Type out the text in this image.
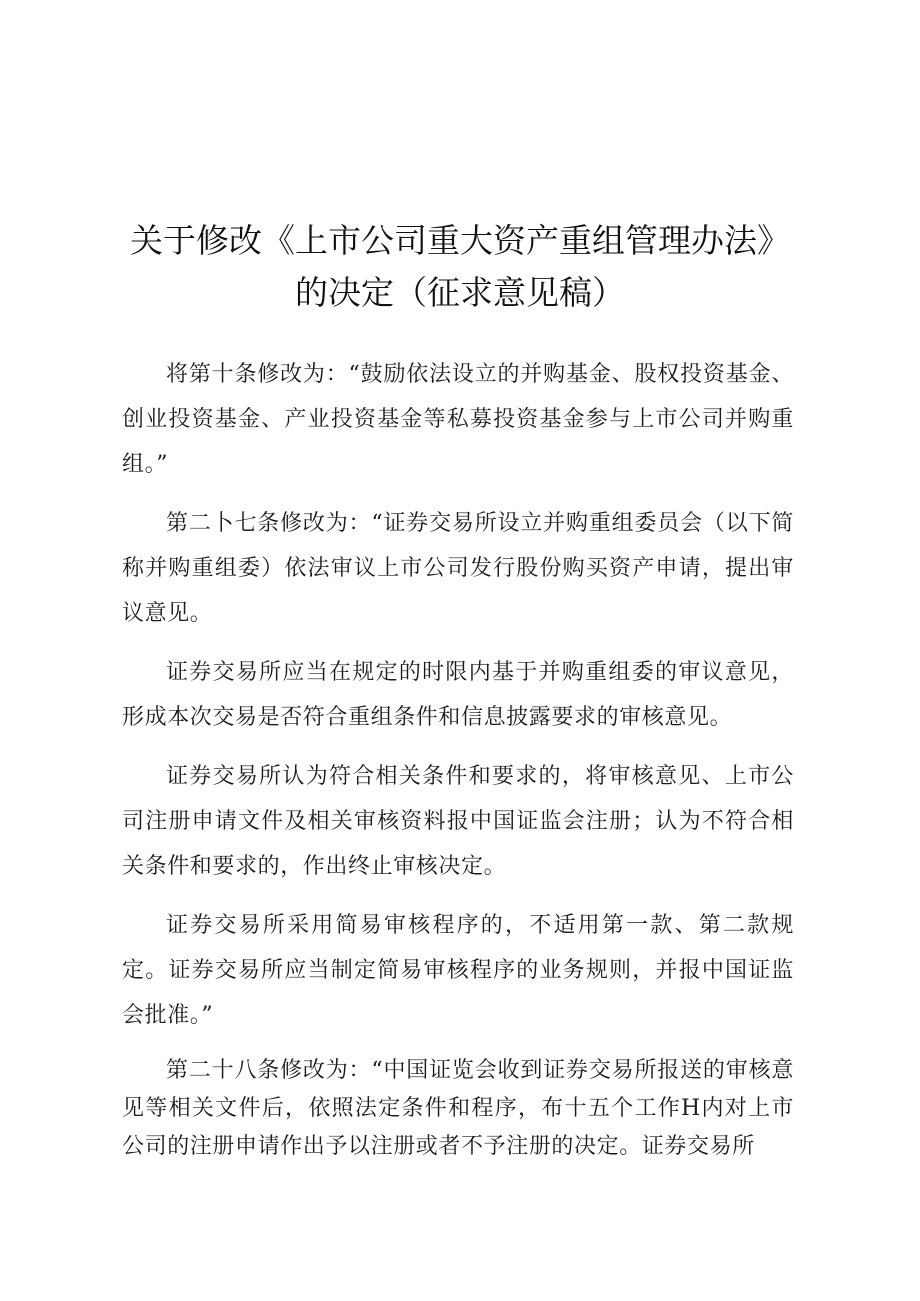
关于修改《上市公司重大资产重组管理办法》
的决定（征求意见稿）

将第十条修改为：“鼓励依法设立的并购基金、股权投资基金、创业投资基金、产业投资基金等私募投资基金参与上市公司并购重组。”

第二卜七条修改为：“证券交易所设立并购重组委员会（以下简称并购重组委）依法审议上市公司发行股份购买资产申请，提出审议意见。

证券交易所应当在规定的时限内基于并购重组委的审议意见，形成本次交易是否符合重组条件和信息披露要求的审核意见。

证券交易所认为符合相关条件和要求的，将审核意见、上市公司注册申请文件及相关审核资料报中国证监会注册；认为不符合相关条件和要求的，作出终止审核决定。

证券交易所采用简易审核程序的，不适用第一款、第二款规定。证券交易所应当制定简易审核程序的业务规则，并报中国证监会批准。”

第二十八条修改为：“中国证览会收到证券交易所报送的审核意见等相关文件后，依照法定条件和程序，布十五个工作H内对上市公司的注册申请作出予以注册或者不予注册的决定。证券交易所
